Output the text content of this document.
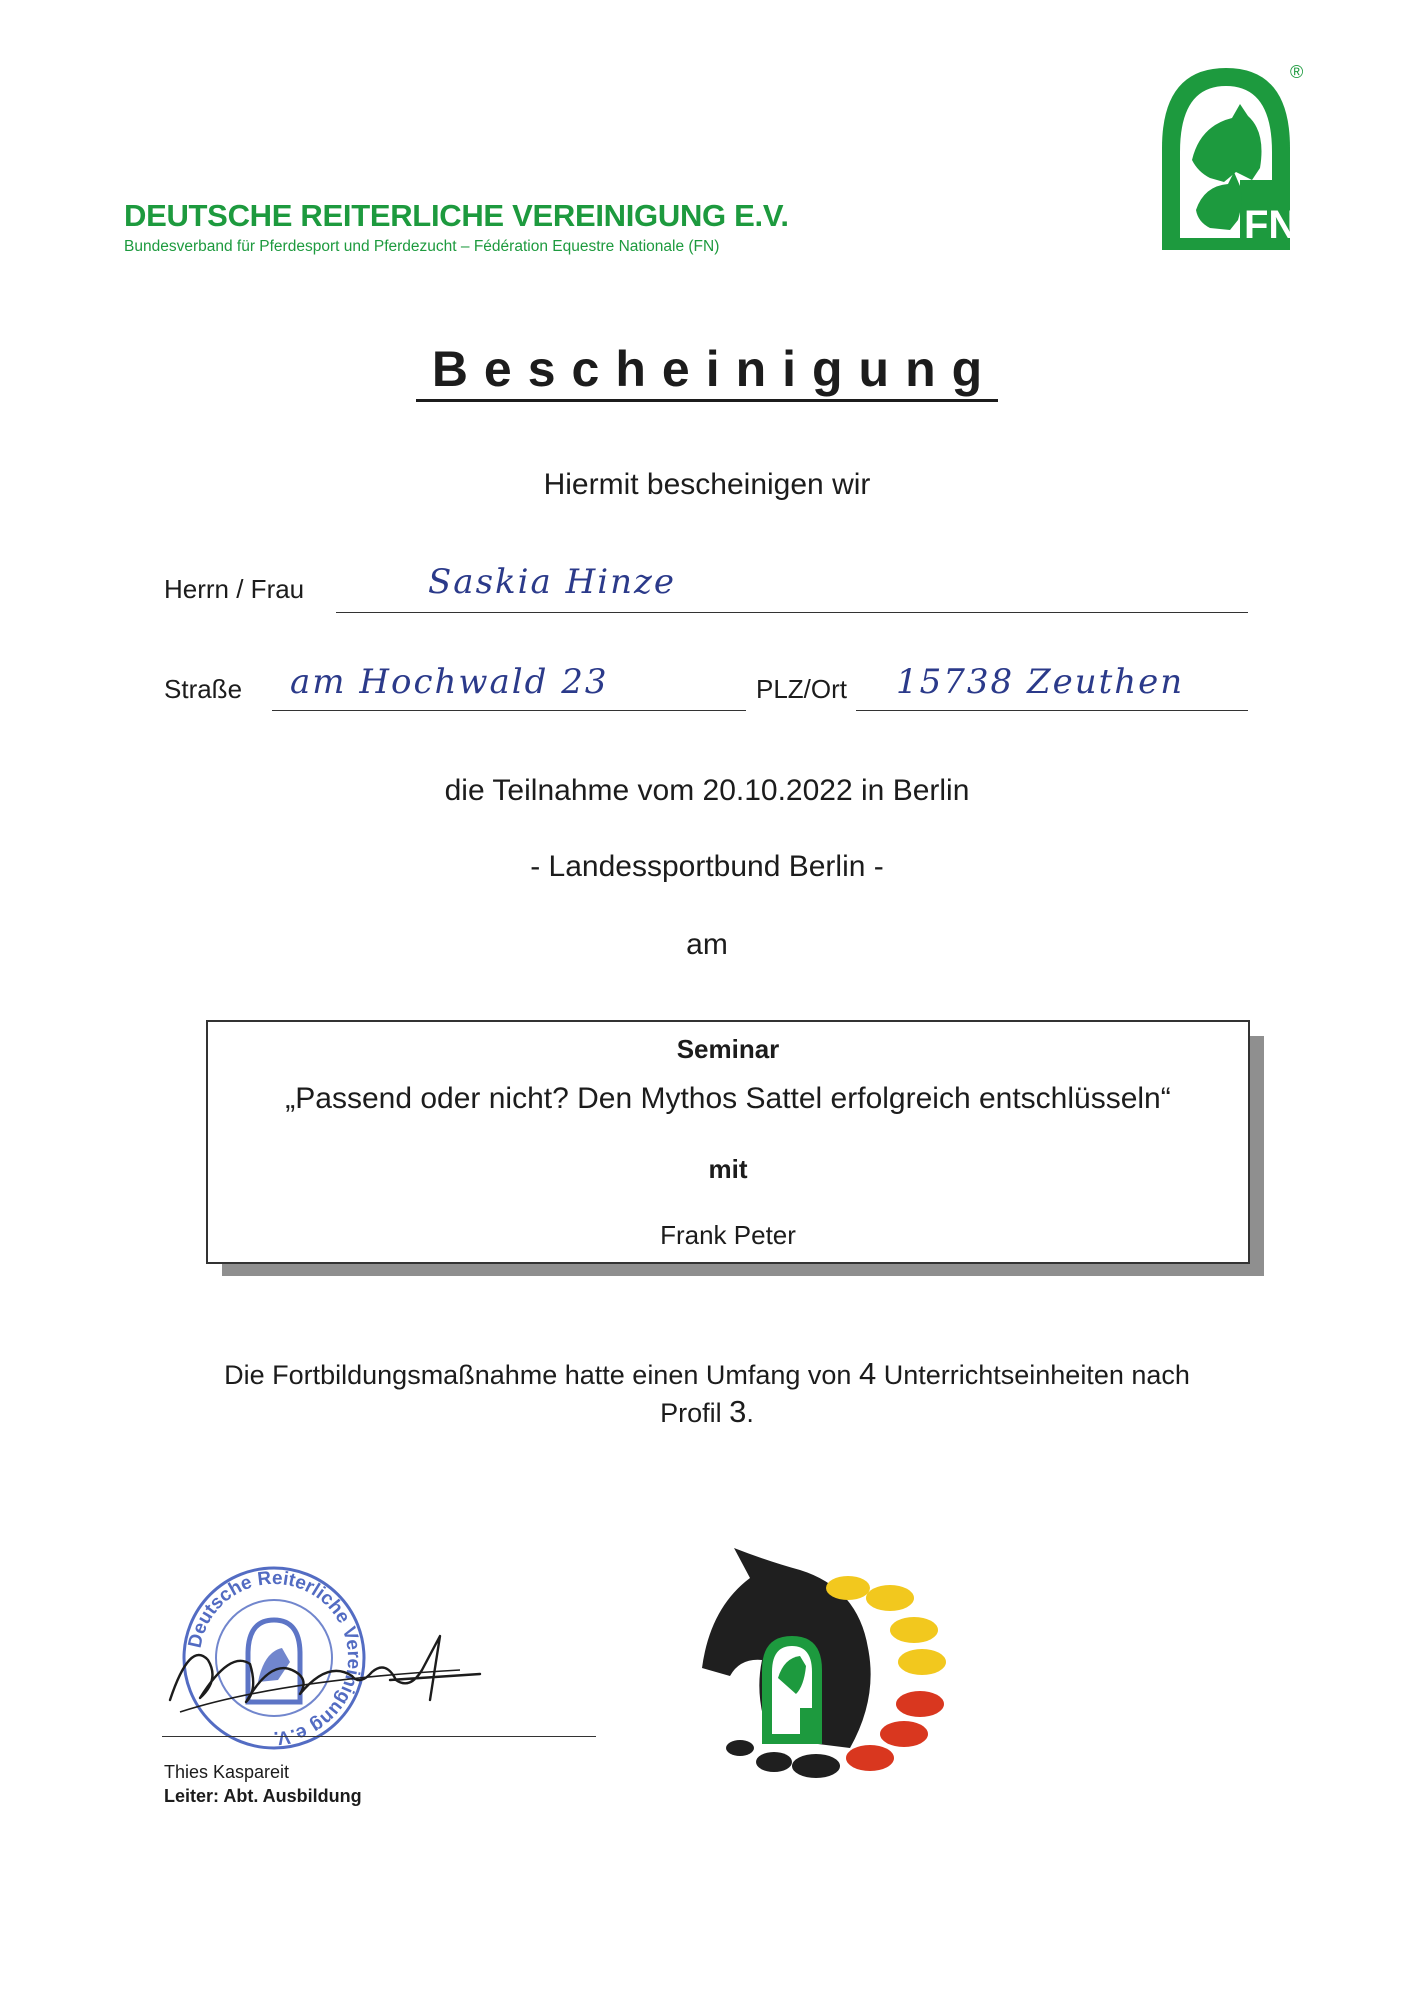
DEUTSCHE REITERLICHE VEREINIGUNG E.V.
Bundesverband für Pferdesport und Pferdezucht – Fédération Equestre Nationale (FN)	FN
®
Bescheinigung
Hiermit bescheinigen wir
Herrn / Frau	Saskia Hinze
Straße am Hochwald 23	PLZ/Ort 15738 Zeuthen
die Teilnahme vom 20.10.2022 in Berlin
- Landessportbund Berlin -
am
Seminar
„Passend oder nicht? Den Mythos Sattel erfolgreich entschlüsseln“
mit
Frank Peter
Die Fortbildungsmaßnahme hatte einen Umfang von 4 Unterrichtseinheiten nach
Profil 3.
Deutsche Reiterliche Vereinigung e.V.
Thies Kaspareit
Leiter: Abt. Ausbildung
